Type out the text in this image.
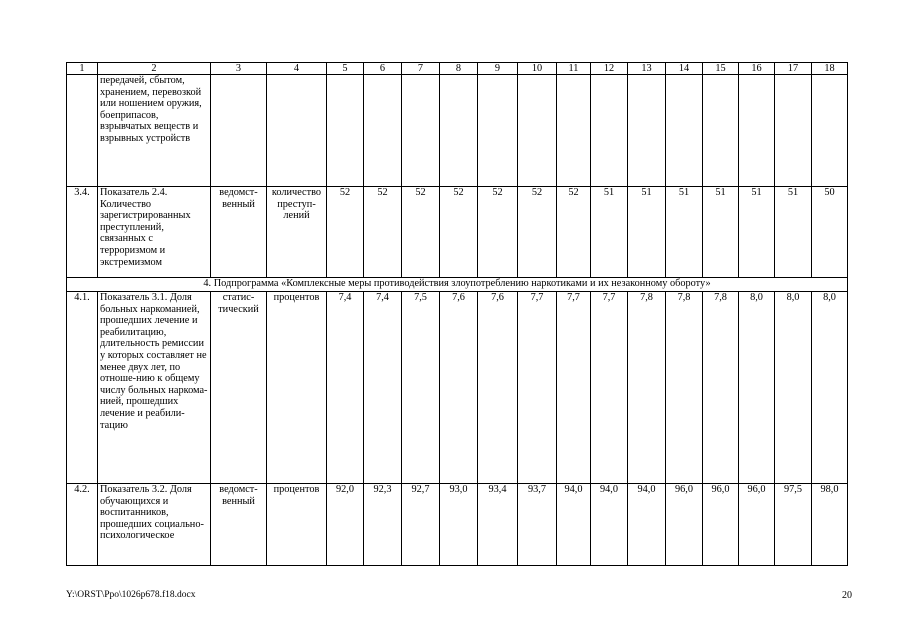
1	2	3	4	5	6	7	8	9	10	11	12	13	14	15	16	17	18
	передачей, сбытом, хранением, перевозкой или ношением оружия, боеприпасов, взрывчатых веществ и взрывных устройств																
3.4.	Показатель 2.4. Количество зарегистрированных преступлений, связанных с терроризмом и экстремизмом	ведомст-венный	количество преступ-лений	52	52	52	52	52	52	52	51	51	51	51	51	51	50
4. Подпрограмма «Комплексные меры противодействия злоупотреблению наркотиками и их незаконному обороту»																	
4.1.	Показатель 3.1. Доля больных наркоманией, прошедших лечение и реабилитацию, длительность ремиссии у которых составляет не менее двух лет, по отноше-нию к общему числу больных наркома-нией, прошедших лечение и реабили-тацию	статис-тический	процентов	7,4	7,4	7,5	7,6	7,6	7,7	7,7	7,7	7,8	7,8	7,8	8,0	8,0	8,0
4.2.	Показатель 3.2. Доля обучающихся и воспитанников, прошедших социально-психологическое	ведомст-венный	процентов	92,0	92,3	92,7	93,0	93,4	93,7	94,0	94,0	94,0	96,0	96,0	96,0	97,5	98,0
Y:\ORST\Ppo\1026p678.f18.docx	20
